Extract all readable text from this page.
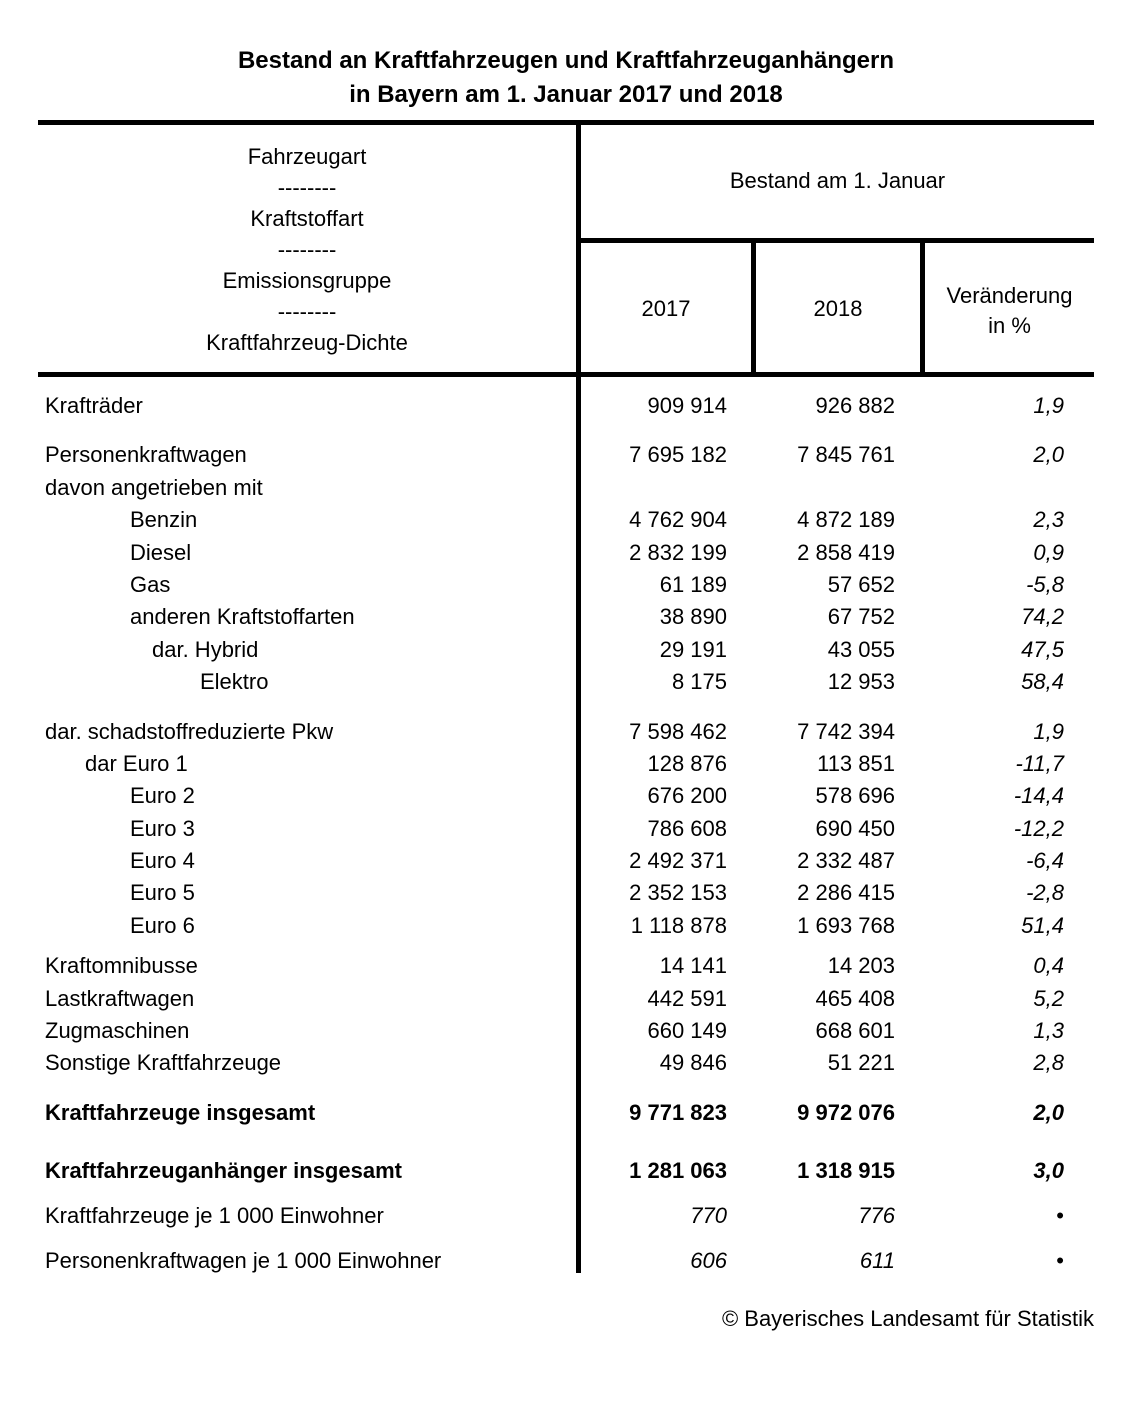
Bestand an Kraftfahrzeugen und Kraftfahrzeuganhängern
in Bayern am 1. Januar 2017 und 2018
Fahrzeugart
--------
Kraftstoffart
--------
Emissionsgruppe
--------
Kraftfahrzeug-Dichte
Bestand am 1. Januar
2017	2018
Veränderung
in %
Krafträder	909 914	926 882	1,9
Personenkraftwagen	7 695 182	7 845 761	2,0
davon angetrieben mit
Benzin	4 762 904	4 872 189	2,3
Diesel	2 832 199	2 858 419	0,9
Gas	61 189	57 652	-5,8
anderen Kraftstoffarten	38 890	67 752	74,2
dar. Hybrid	29 191	43 055	47,5
Elektro	8 175	12 953	58,4
dar. schadstoffreduzierte Pkw	7 598 462	7 742 394	1,9
dar Euro 1	128 876	113 851	-11,7
Euro 2	676 200	578 696	-14,4
Euro 3	786 608	690 450	-12,2
Euro 4	2 492 371	2 332 487	-6,4
Euro 5	2 352 153	2 286 415	-2,8
Euro 6	1 118 878	1 693 768	51,4
Kraftomnibusse	14 141	14 203	0,4
Lastkraftwagen	442 591	465 408	5,2
Zugmaschinen	660 149	668 601	1,3
Sonstige Kraftfahrzeuge	49 846	51 221	2,8
Kraftfahrzeuge insgesamt	9 771 823	9 972 076	2,0
Kraftfahrzeuganhänger insgesamt	1 281 063	1 318 915	3,0
Kraftfahrzeuge je 1 000 Einwohner	770	776	•
Personenkraftwagen je 1 000 Einwohner	606	611	•
© Bayerisches Landesamt für Statistik
